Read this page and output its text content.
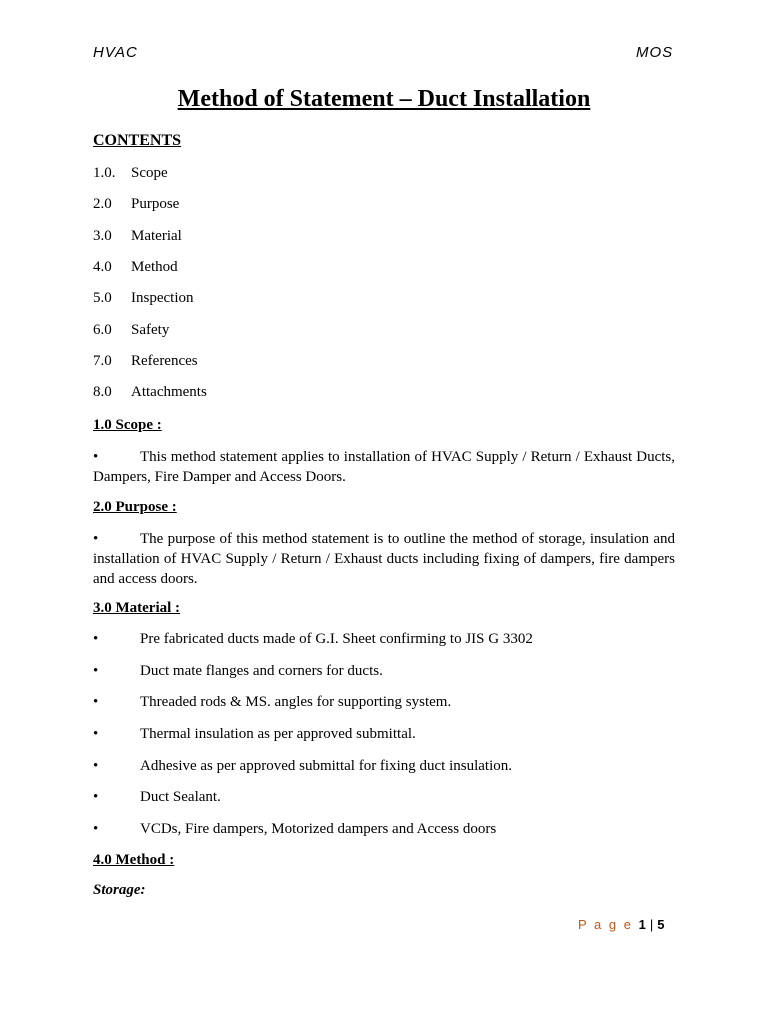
HVAC	MOS
Method of Statement – Duct Installation
CONTENTS
1.0. Scope
2.0 Purpose
3.0 Material
4.0 Method
5.0 Inspection
6.0 Safety
7.0 References
8.0 Attachments
1.0 Scope :
•	This method statement applies to installation of HVAC Supply / Return / Exhaust Ducts, Dampers, Fire Damper and Access Doors.
2.0 Purpose :
•	The purpose of this method statement is to outline the method of storage, insulation and installation of HVAC Supply / Return / Exhaust ducts including fixing of dampers, fire dampers and access doors.
3.0 Material :
•	Pre fabricated ducts made of G.I. Sheet confirming to JIS G 3302
•	Duct mate flanges and corners for ducts.
•	Threaded rods & MS. angles for supporting system.
•	Thermal insulation as per approved submittal.
•	Adhesive as per approved submittal for fixing duct insulation.
•	Duct Sealant.
•	VCDs, Fire dampers, Motorized dampers and Access doors
4.0 Method :
Storage:
P a g e 1 | 5
